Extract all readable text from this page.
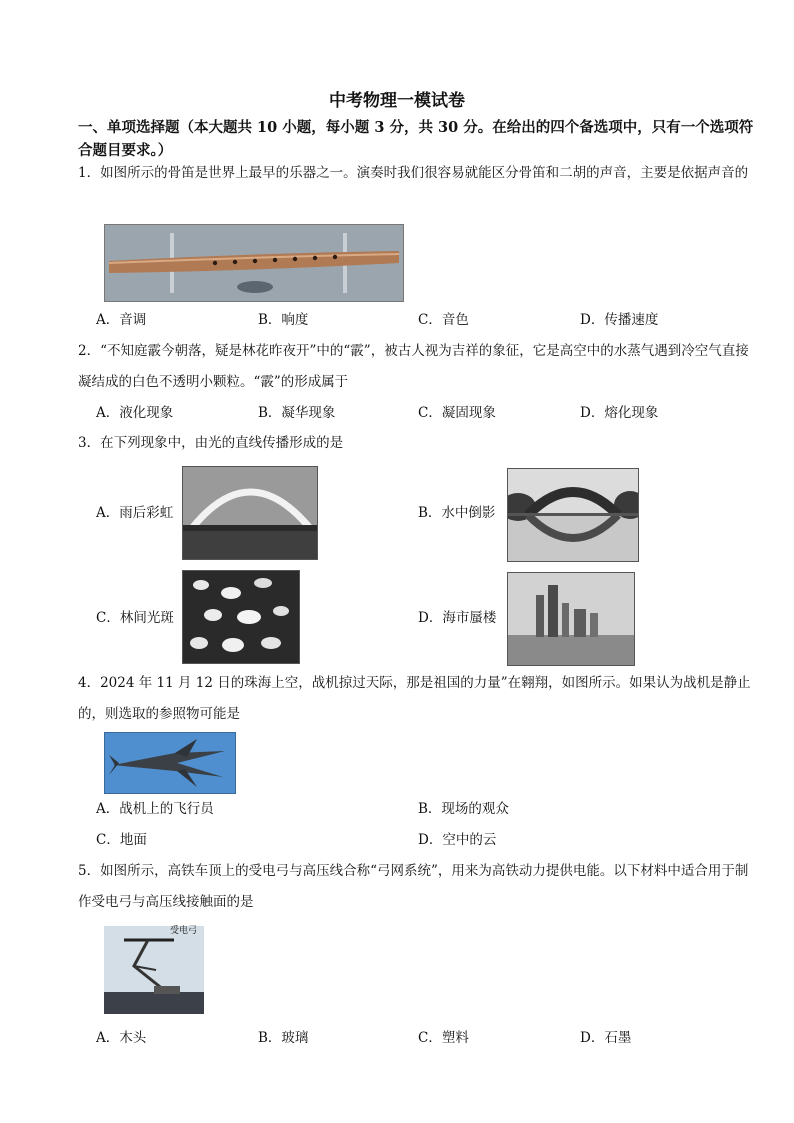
中考物理一模试卷
一、单项选择题（本大题共 10 小题，每小题 3 分，共 30 分。在给出的四个备选项中，只有一个选项符合题目要求。）
1．如图所示的骨笛是世界上最早的乐器之一。演奏时我们很容易就能区分骨笛和二胡的声音，主要是依据声音的
A．音调	B．响度	C．音色	D．传播速度
2．“不知庭霰今朝落，疑是林花昨夜开”中的“霰”，被古人视为吉祥的象征，它是高空中的水蒸气遇到冷空气直接凝结成的白色不透明小颗粒。“霰”的形成属于
A．液化现象	B．凝华现象	C．凝固现象	D．熔化现象
3．在下列现象中，由光的直线传播形成的是
A．雨后彩虹	B．水中倒影
C．林间光斑	D．海市蜃楼
4．2024 年 11 月 12 日的珠海上空，战机掠过天际，那是祖国的力量”在翱翔，如图所示。如果认为战机是静止的，则选取的参照物可能是
A．战机上的飞行员	B．现场的观众
C．地面	D．空中的云
5．如图所示，高铁车顶上的受电弓与高压线合称“弓网系统”，用来为高铁动力提供电能。以下材料中适合用于制作受电弓与高压线接触面的是
受电弓
A．木头	B．玻璃	C．塑料	D．石墨
